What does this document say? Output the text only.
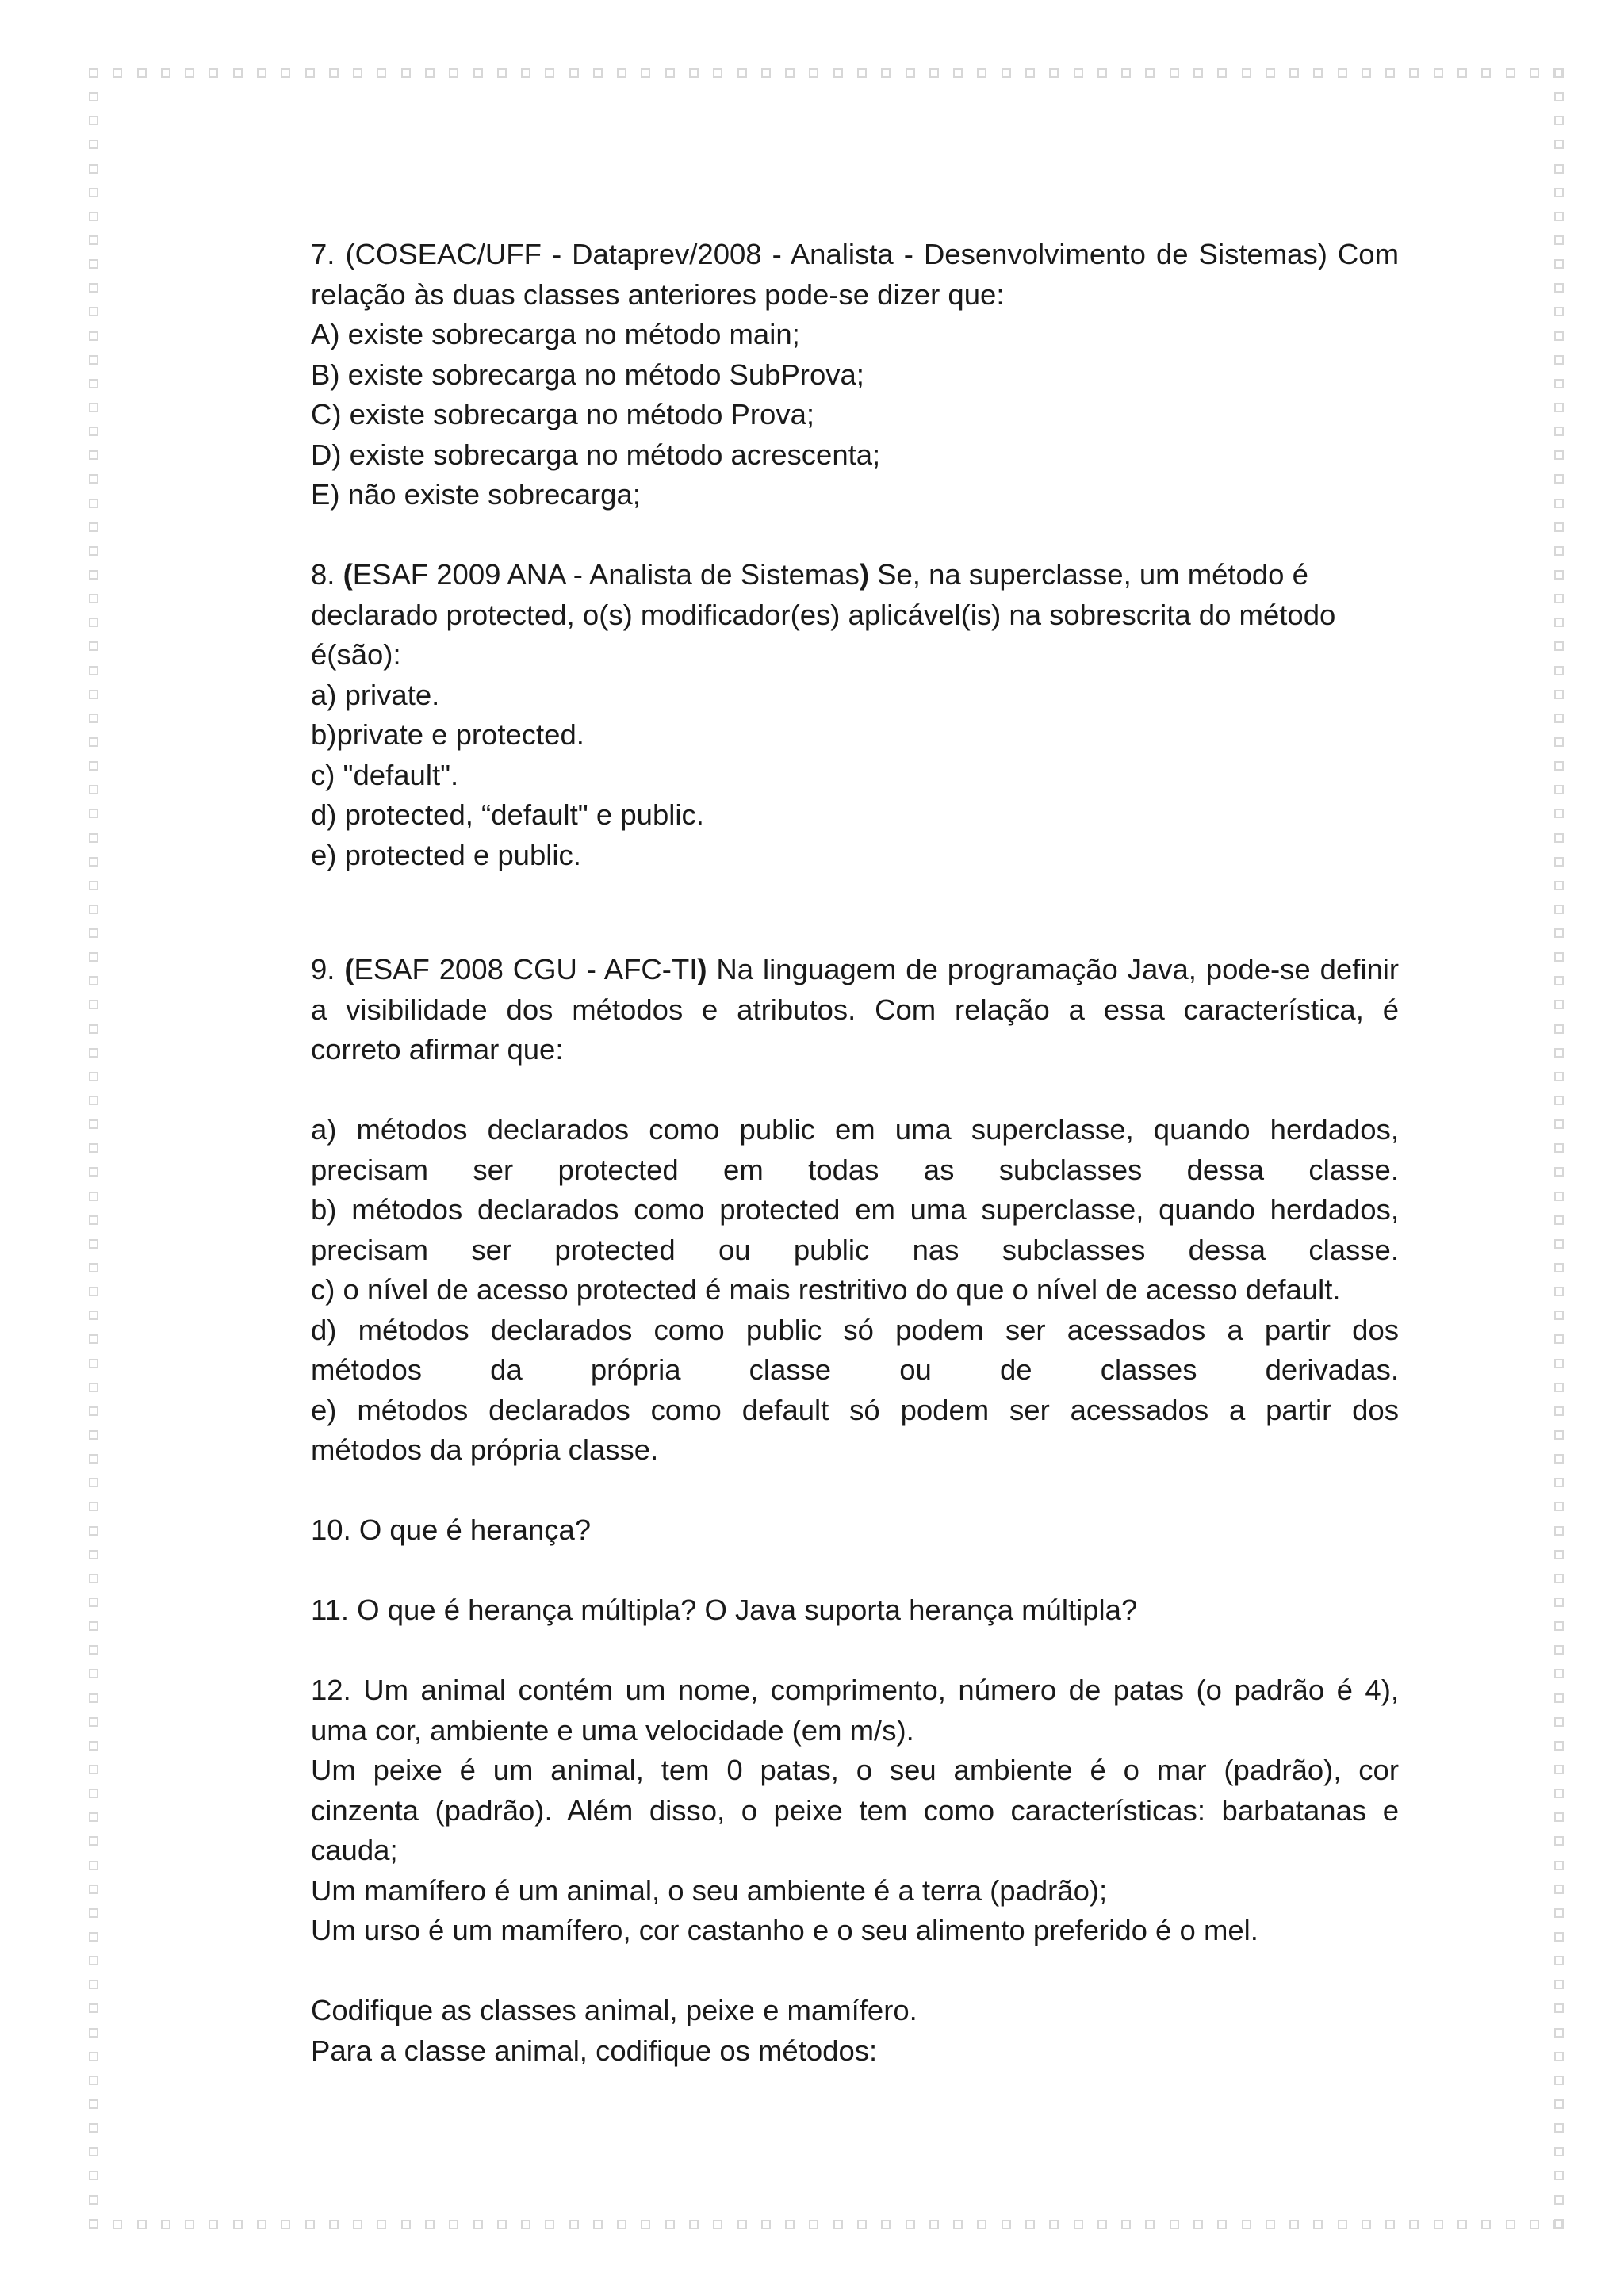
7. (COSEAC/UFF - Dataprev/2008 - Analista - Desenvolvimento de Sistemas) Com

relação às duas classes anteriores pode-se dizer que:

A) existe sobrecarga no método main;

B) existe sobrecarga no método SubProva;

C) existe sobrecarga no método Prova;

D) existe sobrecarga no método acrescenta;

E) não existe sobrecarga;

8. (ESAF 2009 ANA - Analista de Sistemas) Se, na superclasse, um método é

declarado protected, o(s) modificador(es) aplicável(is) na sobrescrita do método

é(são):

a) private.

b)private e protected.

c) "default".

d) protected, “default" e public.

e) protected e public.

9. (ESAF 2008 CGU - AFC-TI) Na linguagem de programação Java, pode-se definir

a visibilidade dos métodos e atributos. Com relação a essa característica, é

correto afirmar que:

a) métodos declarados como public em uma superclasse, quando herdados,

precisam ser protected em todas as subclasses dessa classe.

b) métodos declarados como protected em uma superclasse, quando herdados,

precisam ser protected ou public nas subclasses dessa classe.

c) o nível de acesso protected é mais restritivo do que o nível de acesso default.

d) métodos declarados como public só podem ser acessados a partir dos

métodos da própria classe ou de classes derivadas.

e) métodos declarados como default só podem ser acessados a partir dos

métodos da própria classe.

10. O que é herança?

11. O que é herança múltipla? O Java suporta herança múltipla?

12. Um animal contém um nome, comprimento, número de patas (o padrão é 4),

uma cor, ambiente e uma velocidade (em m/s).

Um peixe é um animal, tem 0 patas, o seu ambiente é o mar (padrão), cor

cinzenta (padrão). Além disso, o peixe tem como características: barbatanas e

cauda;

Um mamífero é um animal, o seu ambiente é a terra (padrão);

Um urso é um mamífero, cor castanho e o seu alimento preferido é o mel.

Codifique as classes animal, peixe e mamífero.

Para a classe animal, codifique os métodos:
